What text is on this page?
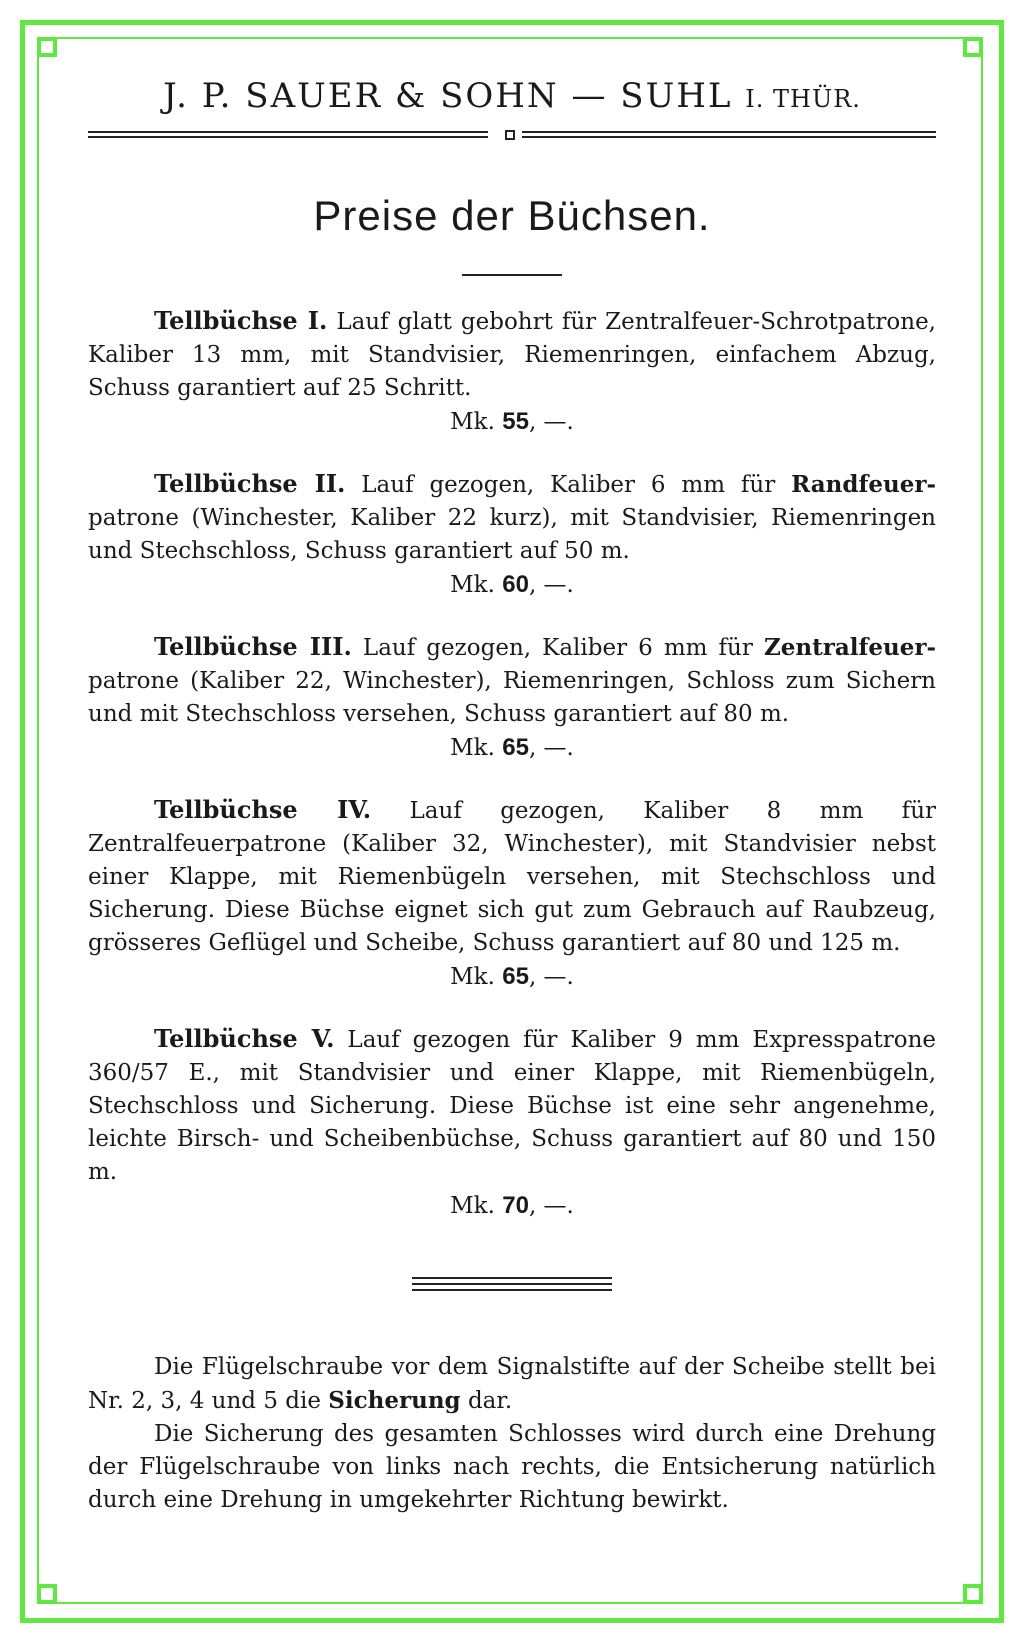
J. P. SAUER & SOHN — SUHL I. THÜR.
Preise der Büchsen.

Tellbüchse I. Lauf glatt gebohrt für Zentralfeuer-Schrotpatrone, Kaliber 13 mm, mit Standvisier, Riemenringen, einfachem Abzug, Schuss garantiert auf 25 Schritt.

Mk. 55, —.

Tellbüchse II. Lauf gezogen, Kaliber 6 mm für Randfeuer-patrone (Winchester, Kaliber 22 kurz), mit Standvisier, Riemenringen und Stechschloss, Schuss garantiert auf 50 m.

Mk. 60, —.

Tellbüchse III. Lauf gezogen, Kaliber 6 mm für Zentralfeuer-patrone (Kaliber 22, Winchester), Riemenringen, Schloss zum Sichern und mit Stechschloss versehen, Schuss garantiert auf 80 m.

Mk. 65, —.

Tellbüchse IV. Lauf gezogen, Kaliber 8 mm für Zentralfeuerpatrone (Kaliber 32, Winchester), mit Standvisier nebst einer Klappe, mit Riemenbügeln versehen, mit Stechschloss und Sicherung. Diese Büchse eignet sich gut zum Gebrauch auf Raubzeug, grösseres Geflügel und Scheibe, Schuss garantiert auf 80 und 125 m.

Mk. 65, —.

Tellbüchse V. Lauf gezogen für Kaliber 9 mm Expresspatrone 360/57 E., mit Standvisier und einer Klappe, mit Riemenbügeln, Stechschloss und Sicherung. Diese Büchse ist eine sehr angenehme, leichte Birsch- und Scheibenbüchse, Schuss garantiert auf 80 und 150 m.

Mk. 70, —.

Die Flügelschraube vor dem Signalstifte auf der Scheibe stellt bei Nr. 2, 3, 4 und 5 die Sicherung dar.

Die Sicherung des gesamten Schlosses wird durch eine Drehung der Flügelschraube von links nach rechts, die Entsicherung natürlich durch eine Drehung in umgekehrter Richtung bewirkt.
